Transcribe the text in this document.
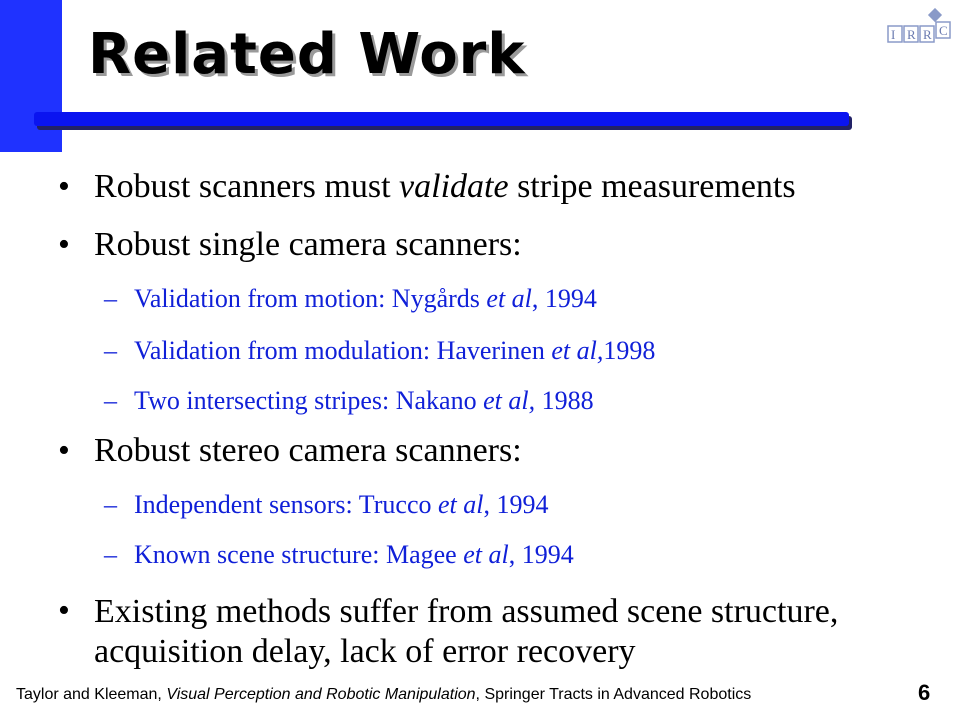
Related Work	I R R C
• Robust scanners must validate stripe measurements
• Robust single camera scanners:
– Validation from motion: Nygårds et al, 1994
– Validation from modulation: Haverinen et al,1998
– Two intersecting stripes: Nakano et al, 1988
• Robust stereo camera scanners:
– Independent sensors: Trucco et al, 1994
– Known scene structure: Magee et al, 1994
• Existing methods suffer from assumed scene structure, acquisition delay, lack of error recovery
Taylor and Kleeman, Visual Perception and Robotic Manipulation, Springer Tracts in Advanced Robotics	6
